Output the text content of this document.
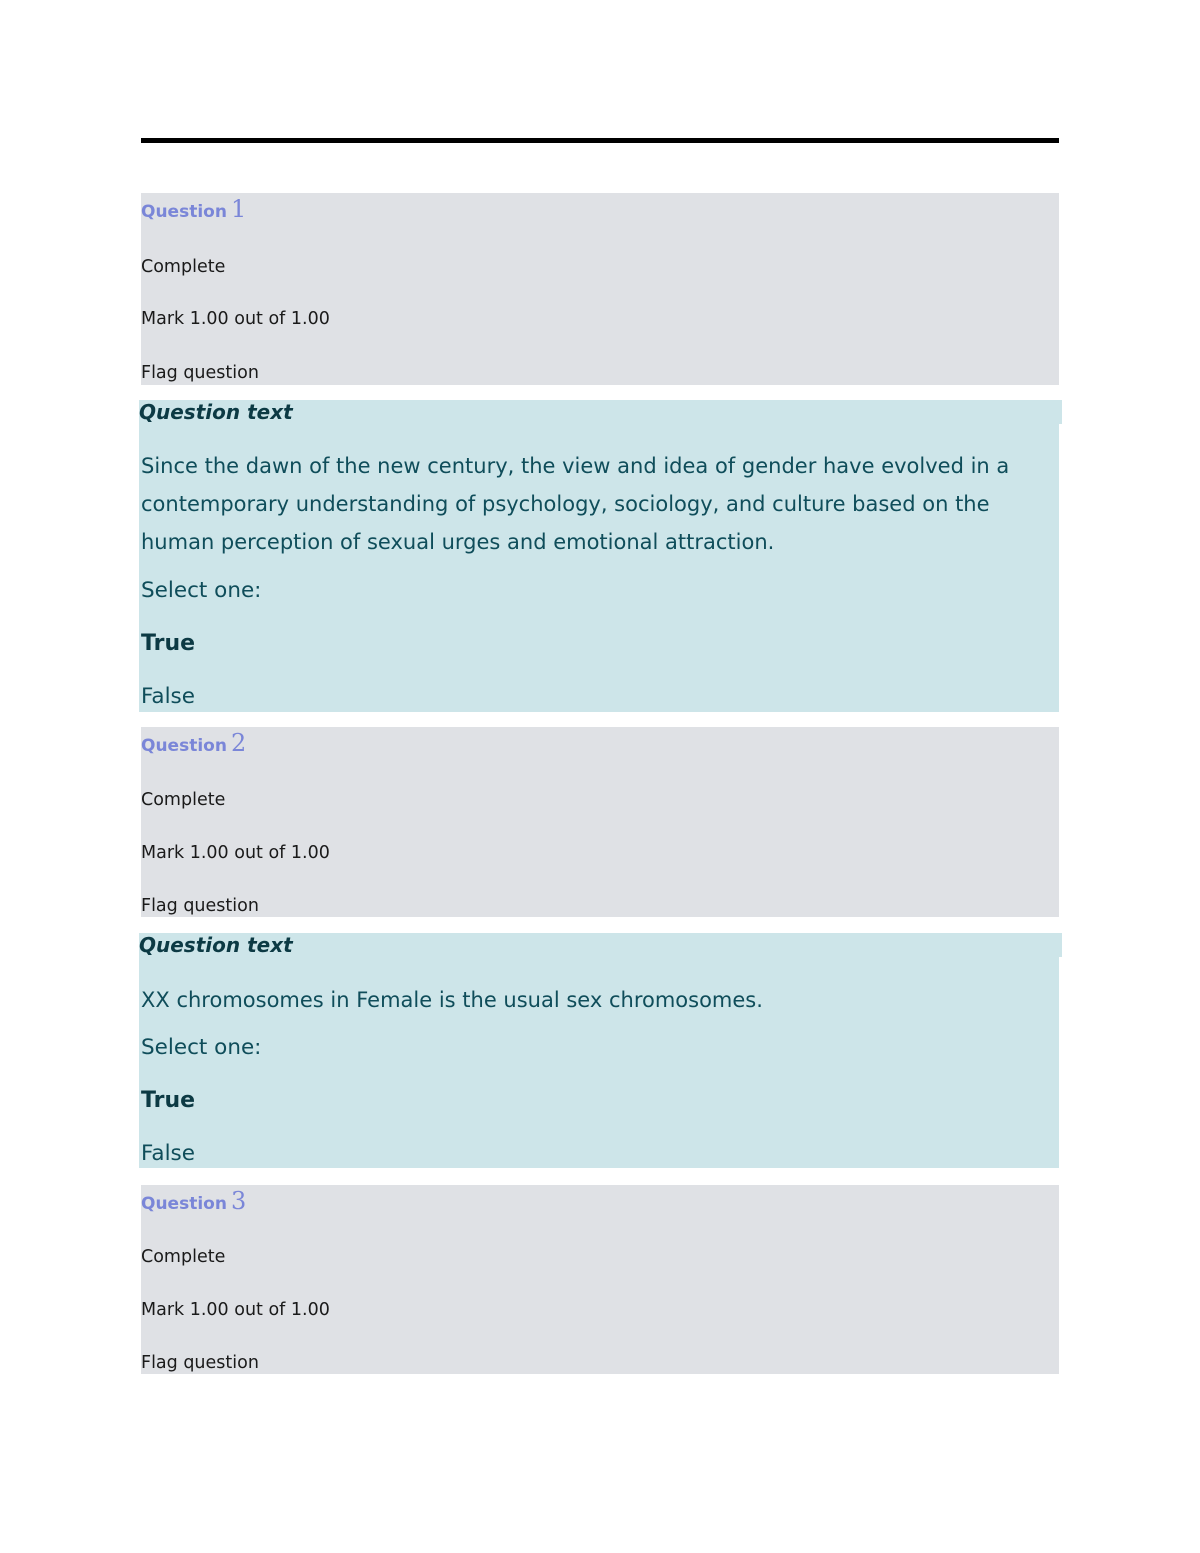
Question 1
Complete
Mark 1.00 out of 1.00
Flag question
Question text
Since the dawn of the new century, the view and idea of gender have evolved in a contemporary understanding of psychology, sociology, and culture based on the human perception of sexual urges and emotional attraction.
Select one:
True
False
Question 2
Complete
Mark 1.00 out of 1.00
Flag question
Question text
XX chromosomes in Female is the usual sex chromosomes.
Select one:
True
False
Question 3
Complete
Mark 1.00 out of 1.00
Flag question
